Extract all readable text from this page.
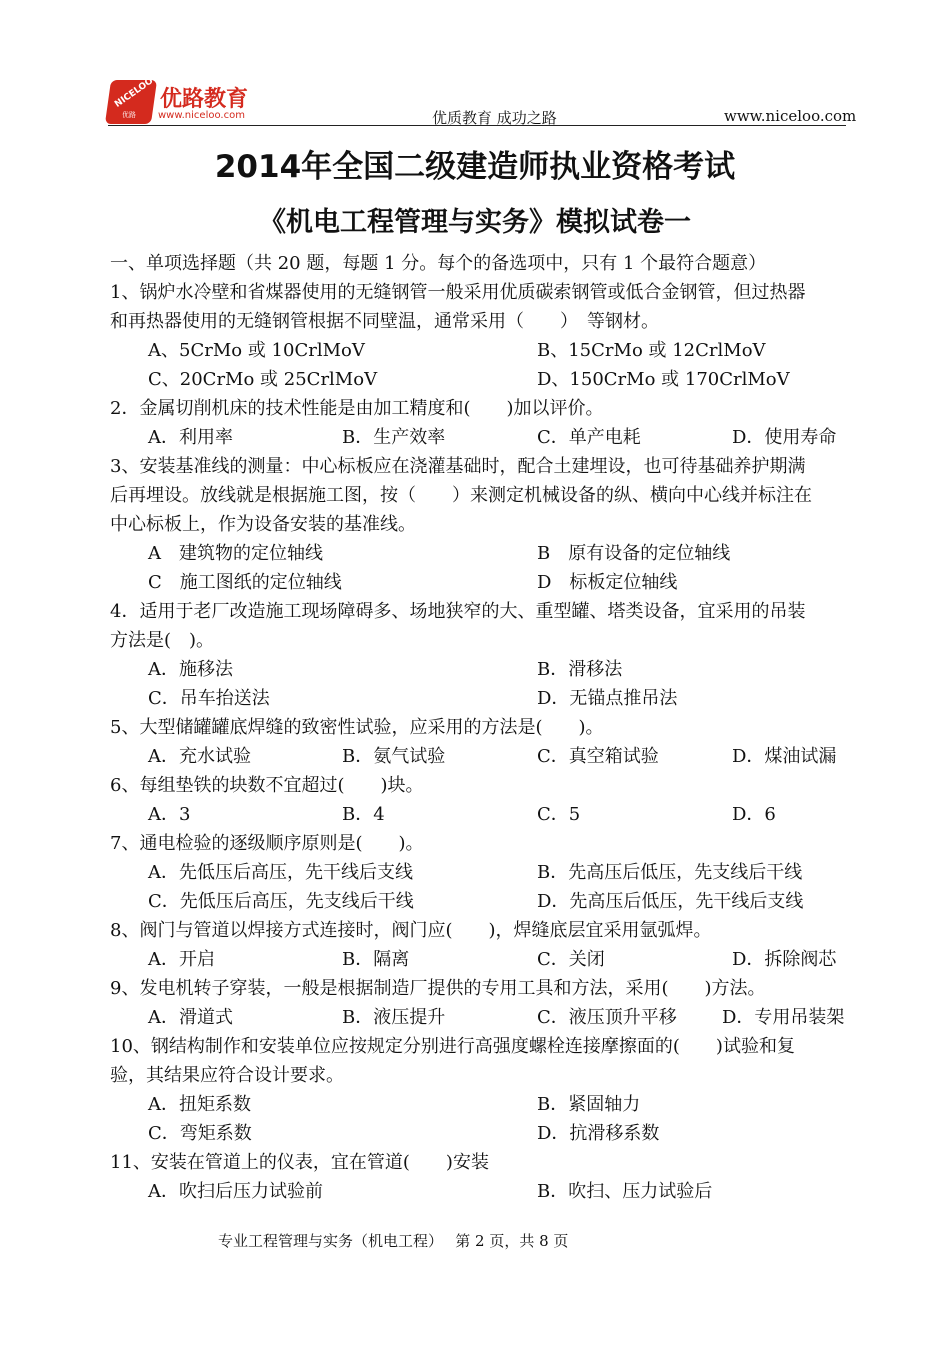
NICELOO
优路
优路教育
www.niceloo.com	优质教育 成功之路	www.niceloo.com
2014年全国二级建造师执业资格考试
《机电工程管理与实务》模拟试卷一
一、单项选择题（共 20 题，每题 1 分。每个的备选项中，只有 1 个最符合题意）
1、锅炉水冷壁和省煤器使用的无缝钢管一般采用优质碳索钢管或低合金钢管，但过热器
和再热器使用的无缝钢管根据不同壁温，通常采用（　　）　等钢材。
A、5CrMo 或 10CrlMoV	B、15CrMo 或 12CrlMoV
C、20CrMo 或 25CrlMoV	D、150CrMo 或 170CrlMoV
2．金属切削机床的技术性能是由加工精度和(　　)加以评价。
A．利用率	B．生产效率	C．单产电耗	D．使用寿命
3、安装基准线的测量：中心标板应在浇灌基础时，配合土建埋设，也可待基础养护期满
后再埋设。放线就是根据施工图，按（　　）来测定机械设备的纵、横向中心线并标注在
中心标板上，作为设备安装的基准线。
A　建筑物的定位轴线	B　原有设备的定位轴线
C　施工图纸的定位轴线	D　标板定位轴线
4．适用于老厂改造施工现场障碍多、场地狭窄的大、重型罐、塔类设备，宜采用的吊装
方法是(　)。
A．施移法	B．滑移法
C．吊车抬送法	D．无锚点推吊法
5、大型储罐罐底焊缝的致密性试验，应采用的方法是(　　)。
A．充水试验	B．氨气试验	C．真空箱试验	D．煤油试漏
6、每组垫铁的块数不宜超过(　　)块。
A．3	B．4	C．5	D．6
7、通电检验的逐级顺序原则是(　　)。
A．先低压后高压，先干线后支线	B．先高压后低压，先支线后干线
C．先低压后高压，先支线后干线	D．先高压后低压，先干线后支线
8、阀门与管道以焊接方式连接时，阀门应(　　)，焊缝底层宜采用氩弧焊。
A．开启	B．隔离	C．关闭	D．拆除阀芯
9、发电机转子穿装，一般是根据制造厂提供的专用工具和方法，采用(　　)方法。
A．滑道式	B．液压提升	C．液压顶升平移	D．专用吊装架
10、钢结构制作和安装单位应按规定分别进行高强度螺栓连接摩擦面的(　　)试验和复
验，其结果应符合设计要求。
A．扭矩系数	B．紧固轴力
C．弯矩系数	D．抗滑移系数
11、安装在管道上的仪表，宜在管道(　　)安装
A．吹扫后压力试验前	B．吹扫、压力试验后
专业工程管理与实务（机电工程）　 第 2 页，共 8 页
